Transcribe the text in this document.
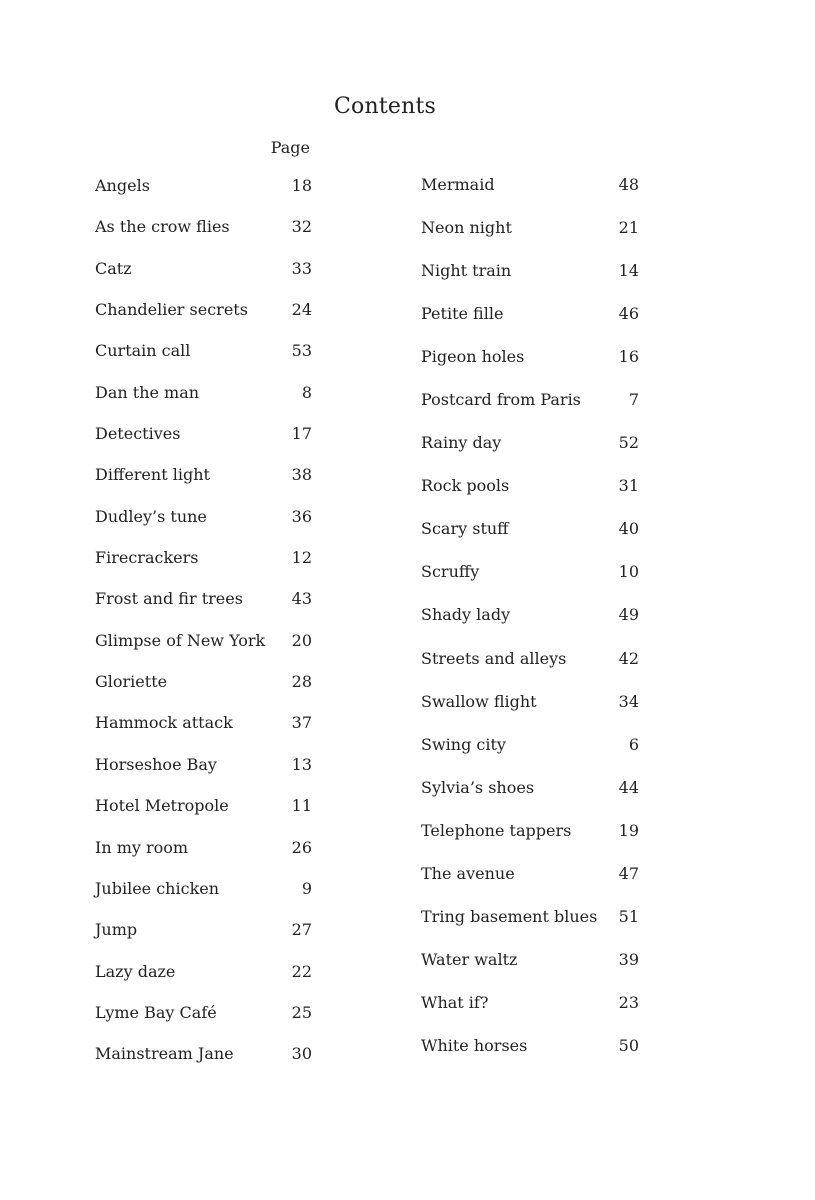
Contents
Page
Angels	18
As the crow flies	32
Catz	33
Chandelier secrets	24
Curtain call	53
Dan the man	8
Detectives	17
Different light	38
Dudley’s tune	36
Firecrackers	12
Frost and fir trees	43
Glimpse of New York	20
Gloriette	28
Hammock attack	37
Horseshoe Bay	13
Hotel Metropole	11
In my room	26
Jubilee chicken	9
Jump	27
Lazy daze	22
Lyme Bay Café	25
Mainstream Jane	30
Mermaid	48
Neon night	21
Night train	14
Petite fille	46
Pigeon holes	16
Postcard from Paris	7
Rainy day	52
Rock pools	31
Scary stuff	40
Scruffy	10
Shady lady	49
Streets and alleys	42
Swallow flight	34
Swing city	6
Sylvia’s shoes	44
Telephone tappers	19
The avenue	47
Tring basement blues	51
Water waltz	39
What if?	23
White horses	50
